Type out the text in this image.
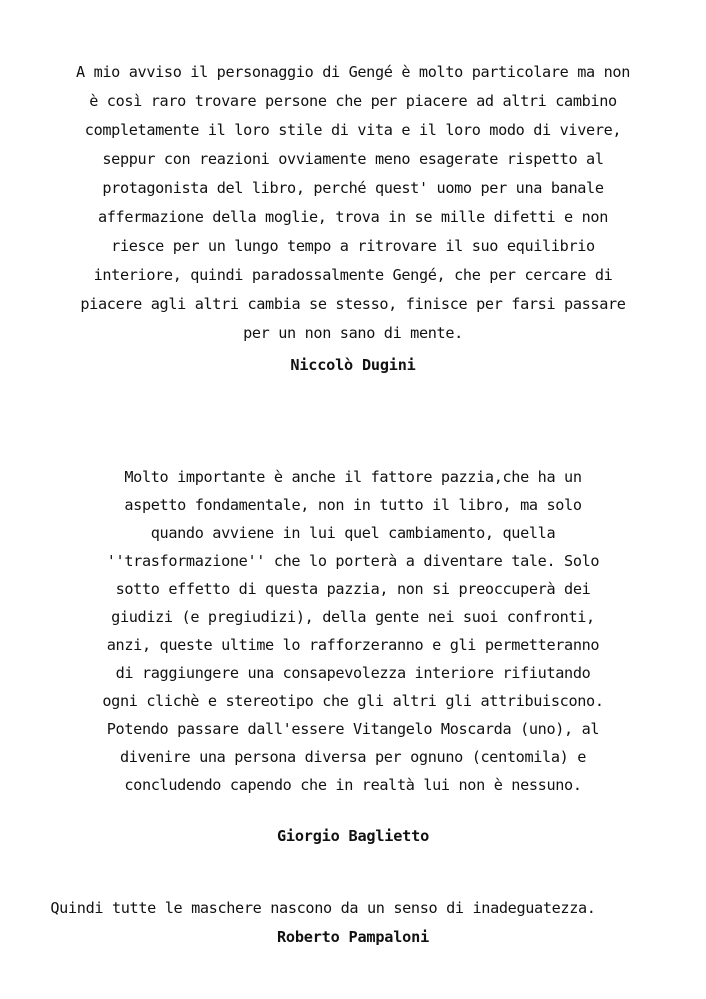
A mio avviso il personaggio di Gengé è molto particolare ma non
è così raro trovare persone che per piacere ad altri cambino
completamente il loro stile di vita e il loro modo di vivere,
seppur con reazioni ovviamente meno esagerate rispetto al
protagonista del libro, perché quest' uomo per una banale
affermazione della moglie, trova in se mille difetti e non
riesce per un lungo tempo a ritrovare il suo equilibrio
interiore, quindi paradossalmente Gengé, che per cercare di
piacere agli altri cambia se stesso, finisce per farsi passare
per un non sano di mente.
Niccolò Dugini
Molto importante è anche il fattore pazzia,che ha un
aspetto fondamentale, non in tutto il libro, ma solo
quando avviene in lui quel cambiamento, quella
''trasformazione'' che lo porterà a diventare tale. Solo
sotto effetto di questa pazzia, non si preoccuperà dei
giudizi (e pregiudizi), della gente nei suoi confronti,
anzi, queste ultime lo rafforzeranno e gli permetteranno
di raggiungere una consapevolezza interiore rifiutando
ogni clichè e stereotipo che gli altri gli attribuiscono.
Potendo passare dall'essere Vitangelo Moscarda (uno), al
divenire una persona diversa per ognuno (centomila) e
concludendo capendo che in realtà lui non è nessuno.
Giorgio Baglietto
Quindi tutte le maschere nascono da un senso di inadeguatezza.
Roberto Pampaloni
